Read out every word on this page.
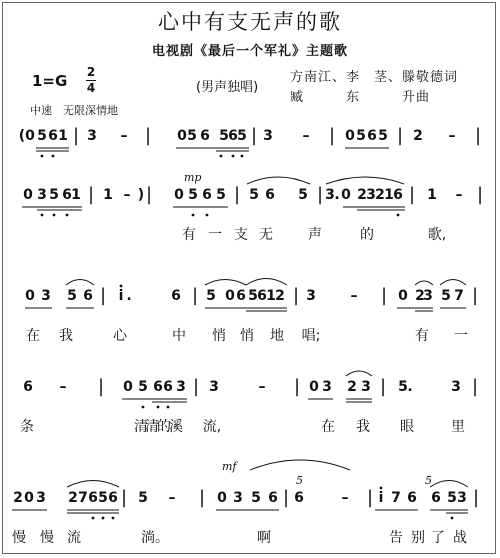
心中有支无声的歌
电视剧《最后一个军礼》主题歌
1=G 2
4	(男声独唱)
方南江、李　茎、滕敬德词
臧　　　东　　　升曲
中速　无限深情地
( 0 5 6 1 | 3 – | 0 5 6 5 6 5 | 3 – | 0 5 6 5 | 2 – |
0 3 5 6 1 | 1 – ) | 0 5 6 5 | 5 6 5 | 3 . 0 2 3 2 1 6 | 1 – |
有 一 支 无	声	的	歌,
mp
0 3 5 6 | i .	6 | 5 0 6 5 6 1 2 | 3 – | 0 2
3 5 7 |
在 我	心	中 悄 悄 地 唱;	有 一
6 – | 0 5 6 6 3 | 3	– | 0 3 2 3 | 5 .	3 |
条	清
清
的
溪 流,	在 我 眼	里
2 0 3 2 7 6 5 6 | 5 – | 0 3 5 6 | 6	– | i 7 6 6 5 3 |
慢 慢 流	淌。	啊	告 别 了 战
mf
5	5
